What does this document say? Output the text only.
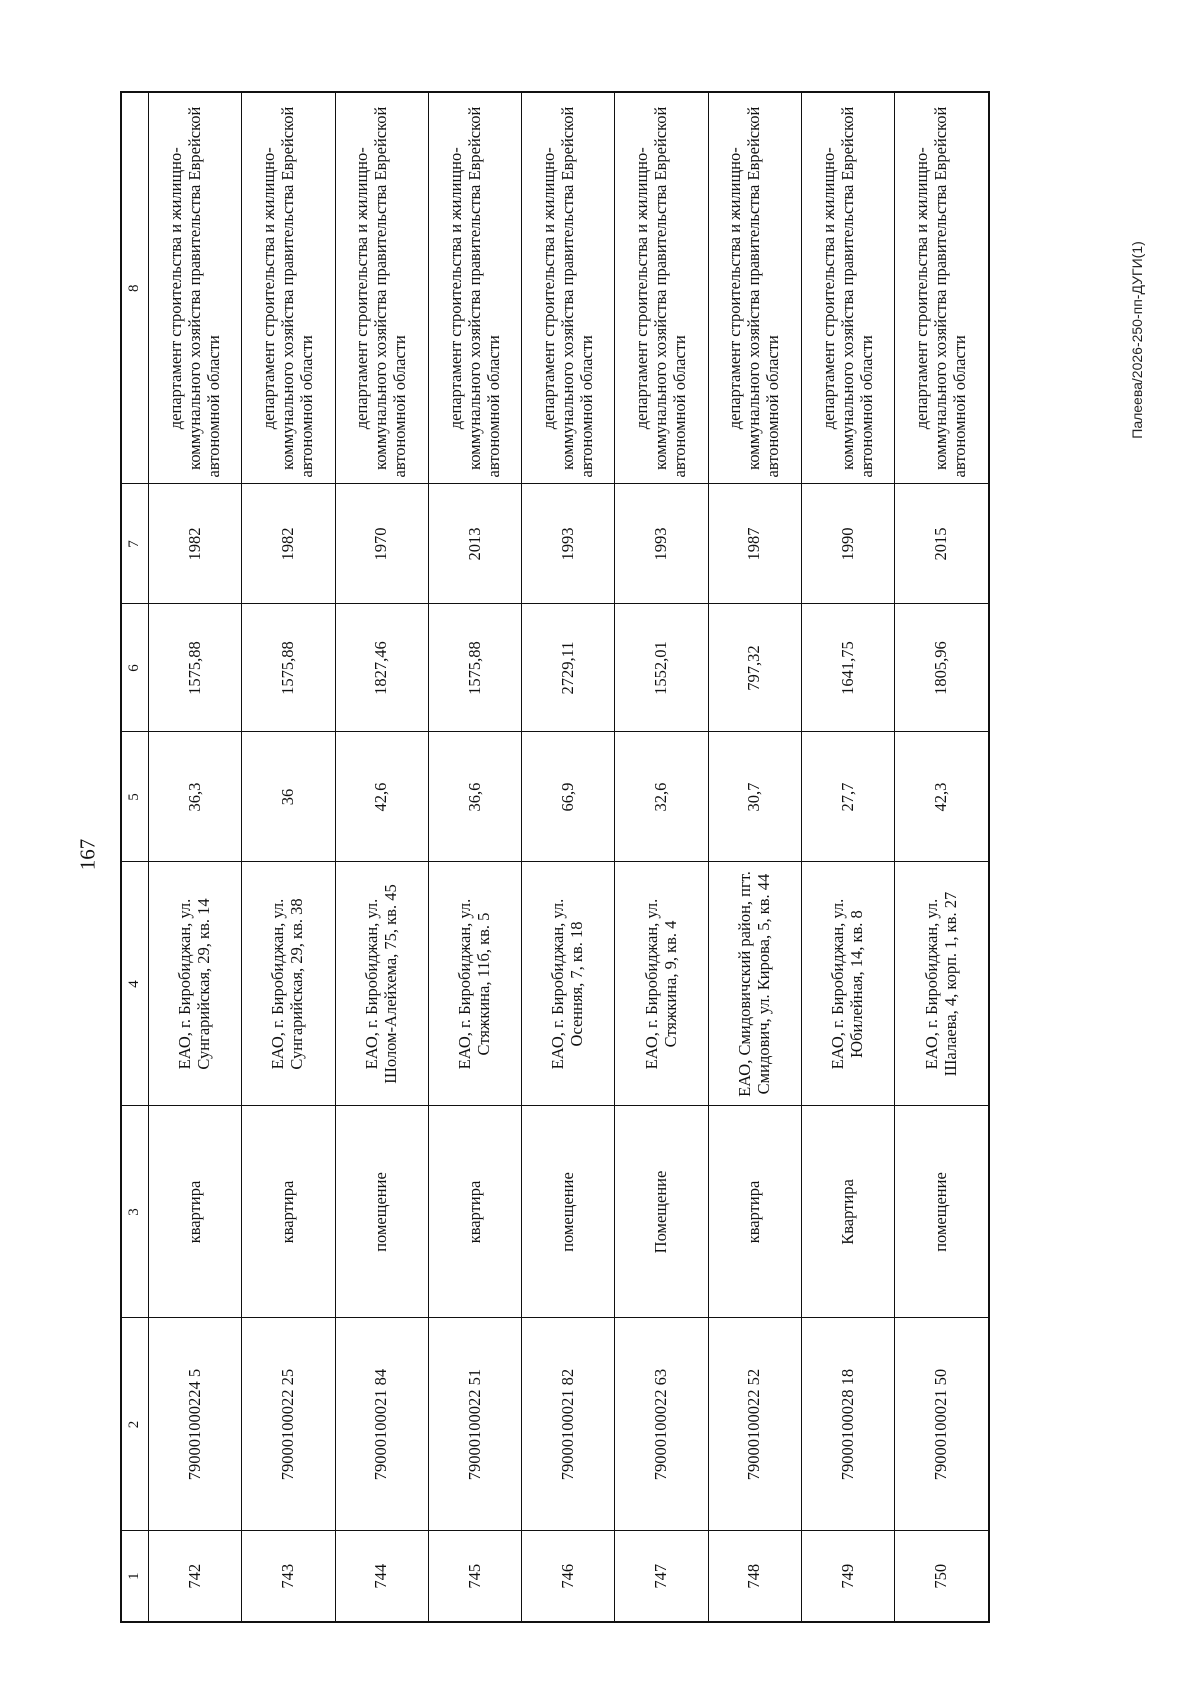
167
Палеева/2026-250-пп-ДУГИ(1)
1	2	3	4	5	6	7	8
742	790001000224 5	квартира	ЕАО, г. Биробиджан, ул. Сунгарийская, 29, кв. 14	36,3	1575,88	1982	департамент строительства и жилищно-коммунального хозяйства правительства Еврейской автономной области
743	79000100022 25	квартира	ЕАО, г. Биробиджан, ул. Сунгарийская, 29, кв. 38	36	1575,88	1982	департамент строительства и жилищно-коммунального хозяйства правительства Еврейской автономной области
744	79000100021 84	помещение	ЕАО, г. Биробиджан, ул. Шолом-Алейхема, 75, кв. 45	42,6	1827,46	1970	департамент строительства и жилищно-коммунального хозяйства правительства Еврейской автономной области
745	79000100022 51	квартира	ЕАО, г. Биробиджан, ул. Стяжкина, 11б, кв. 5	36,6	1575,88	2013	департамент строительства и жилищно-коммунального хозяйства правительства Еврейской автономной области
746	79000100021 82	помещение	ЕАО, г. Биробиджан, ул. Осенняя, 7, кв. 18	66,9	2729,11	1993	департамент строительства и жилищно-коммунального хозяйства правительства Еврейской автономной области
747	79000100022 63	Помещение	ЕАО, г. Биробиджан, ул. Стяжкина, 9, кв. 4	32,6	1552,01	1993	департамент строительства и жилищно-коммунального хозяйства правительства Еврейской автономной области
748	79000100022 52	квартира	ЕАО, Смидовичский район, пгт. Смидович, ул. Кирова, 5, кв. 44	30,7	797,32	1987	департамент строительства и жилищно-коммунального хозяйства правительства Еврейской автономной области
749	79000100028 18	Квартира	ЕАО, г. Биробиджан, ул. Юбилейная, 14, кв. 8	27,7	1641,75	1990	департамент строительства и жилищно-коммунального хозяйства правительства Еврейской автономной области
750	79000100021 50	помещение	ЕАО, г. Биробиджан, ул. Шалаева, 4, корп. 1, кв. 27	42,3	1805,96	2015	департамент строительства и жилищно-коммунального хозяйства правительства Еврейской автономной области
